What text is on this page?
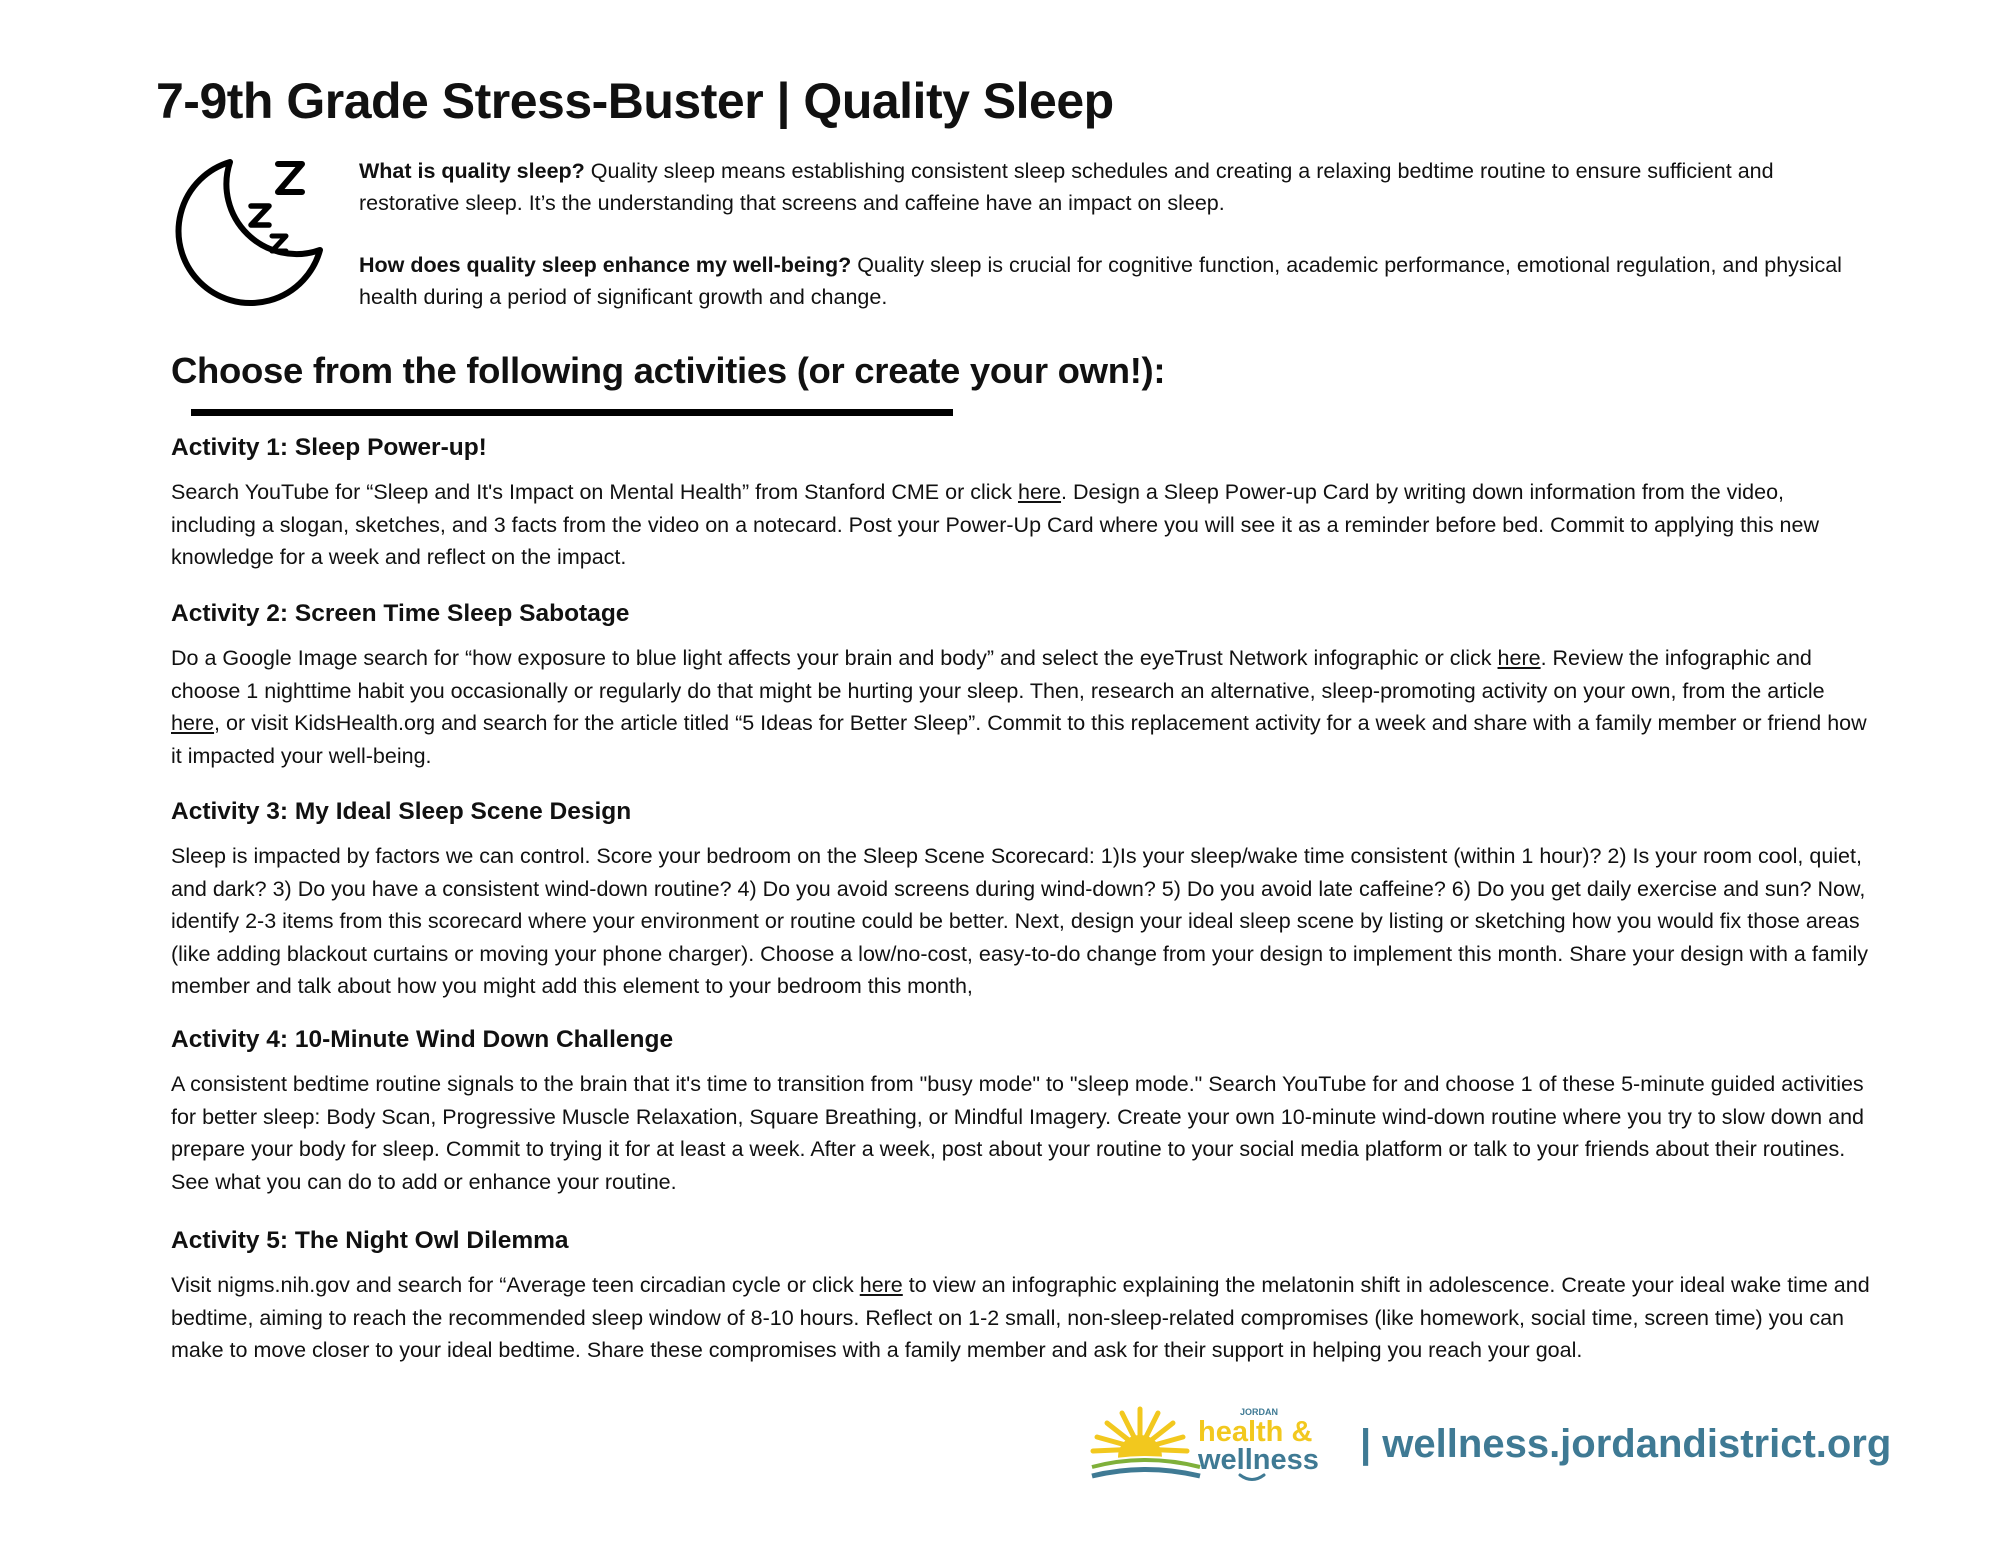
7-9th Grade Stress-Buster | Quality Sleep

What is quality sleep? Quality sleep means establishing consistent sleep schedules and creating a relaxing bedtime routine to ensure sufficient and restorative sleep. It’s the understanding that screens and caffeine have an impact on sleep.

How does quality sleep enhance my well-being? Quality sleep is crucial for cognitive function, academic performance, emotional regulation, and physical health during a period of significant growth and change.

Choose from the following activities (or create your own!):
Activity 1: Sleep Power-up!

Search YouTube for “Sleep and It's Impact on Mental Health” from Stanford CME or click here. Design a Sleep Power-up Card by writing down information from the video, including a slogan, sketches, and 3 facts from the video on a notecard. Post your Power-Up Card where you will see it as a reminder before bed. Commit to applying this new knowledge for a week and reflect on the impact.

Activity 2: Screen Time Sleep Sabotage

Do a Google Image search for “how exposure to blue light affects your brain and body” and select the eyeTrust Network infographic or click here. Review the infographic and choose 1 nighttime habit you occasionally or regularly do that might be hurting your sleep. Then, research an alternative, sleep-promoting activity on your own, from the article here, or visit KidsHealth.org and search for the article titled “5 Ideas for Better Sleep”. Commit to this replacement activity for a week and share with a family member or friend how it impacted your well-being.

Activity 3: My Ideal Sleep Scene Design

Sleep is impacted by factors we can control. Score your bedroom on the Sleep Scene Scorecard: 1)Is your sleep/wake time consistent (within 1 hour)? 2) Is your room cool, quiet, and dark? 3) Do you have a consistent wind-down routine? 4) Do you avoid screens during wind-down? 5) Do you avoid late caffeine? 6) Do you get daily exercise and sun? Now, identify 2-3 items from this scorecard where your environment or routine could be better. Next, design your ideal sleep scene by listing or sketching how you would fix those areas (like adding blackout curtains or moving your phone charger). Choose a low/no-cost, easy-to-do change from your design to implement this month. Share your design with a family member and talk about how you might add this element to your bedroom this month,

Activity 4: 10-Minute Wind Down Challenge

A consistent bedtime routine signals to the brain that it's time to transition from "busy mode" to "sleep mode." Search YouTube for and choose 1 of these 5-minute guided activities for better sleep: Body Scan, Progressive Muscle Relaxation, Square Breathing, or Mindful Imagery. Create your own 10-minute wind-down routine where you try to slow down and prepare your body for sleep. Commit to trying it for at least a week. After a week, post about your routine to your social media platform or talk to your friends about their routines. See what you can do to add or enhance your routine.

Activity 5: The Night Owl Dilemma

Visit nigms.nih.gov and search for “Average teen circadian cycle or click here to view an infographic explaining the melatonin shift in adolescence. Create your ideal wake time and bedtime, aiming to reach the recommended sleep window of 8-10 hours. Reflect on 1-2 small, non-sleep-related compromises (like homework, social time, screen time) you can make to move closer to your ideal bedtime. Share these compromises with a family member and ask for their support in helping you reach your goal.

JORDAN
health &
wellness | wellness.jordandistrict.org
